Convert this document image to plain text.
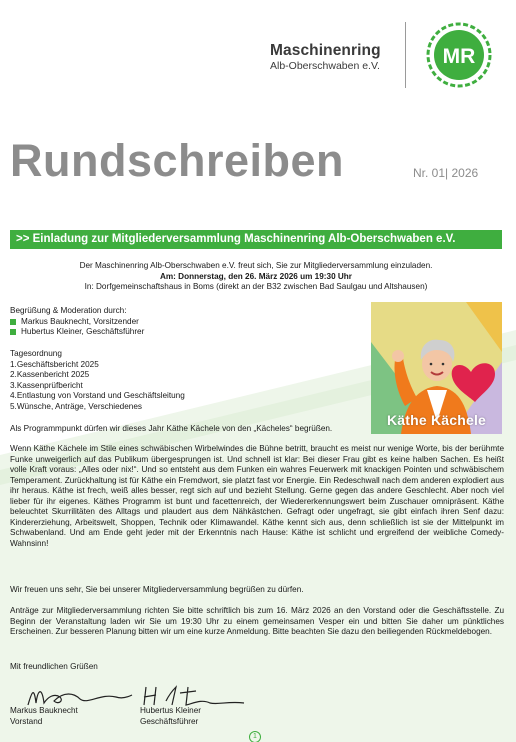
Maschinenring
Alb-Oberschwaben e.V.	MR
Rundschreiben	Nr. 01| 2026
>> Einladung zur Mitgliederversammlung Maschinenring Alb-Oberschwaben e.V.
Der Maschinenring Alb-Oberschwaben e.V. freut sich, Sie zur Mitgliederversammlung einzuladen.
Am: Donnerstag, den 26. März 2026 um 19:30 Uhr
In: Dorfgemeinschaftshaus in Boms (direkt an der B32 zwischen Bad Saulgau und Altshausen)
Begrüßung & Moderation durch:
Markus Bauknecht, Vorsitzender
Hubertus Kleiner, Geschäftsführer
Tagesordnung
1.Geschäftsbericht 2025
2.Kassenbericht 2025
3.Kassenprüfbericht
4.Entlastung von Vorstand und Geschäftsleitung
5.Wünsche, Anträge, Verschiedenes
Käthe Kächele
Als Programmpunkt dürfen wir dieses Jahr Käthe Kächele von den „Kächeles“ begrüßen.
Wenn Käthe Kächele im Stile eines schwäbischen Wirbelwindes die Bühne betritt, braucht es meist nur wenige Worte, bis der berühmte Funke unweigerlich auf das Publikum übergesprungen ist. Und schnell ist klar: Bei dieser Frau gibt es keine halben Sachen. Es heißt volle Kraft voraus: „Alles oder nix!“. Und so entsteht aus dem Funken ein wahres Feuerwerk mit knackigen Pointen und schwäbischem Temperament. Zurückhaltung ist für Käthe ein Fremdwort, sie platzt fast vor Energie. Ein Redeschwall nach dem anderen explodiert aus ihr heraus. Käthe ist frech, weiß alles besser, regt sich auf und bezieht Stellung. Gerne gegen das andere Geschlecht. Aber noch viel lieber für ihr eigenes. Käthes Programm ist bunt und facettenreich, der Wiedererkennungswert beim Zuschauer omnipräsent. Käthe beleuchtet Skurrilitäten des Alltags und plaudert aus dem Nähkästchen. Gefragt oder ungefragt, sie gibt einfach ihren Senf dazu: Kindererziehung, Arbeitswelt, Shoppen, Technik oder Klimawandel. Käthe kennt sich aus, denn schließlich ist sie der Mittelpunkt im Schwabenland. Und am Ende geht jeder mit der Erkenntnis nach Hause: Käthe ist schlicht und ergreifend der weibliche Comedy-Wahnsinn!
Wir freuen uns sehr, Sie bei unserer Mitgliederversammlung begrüßen zu dürfen.
Anträge zur Mitgliederversammlung richten Sie bitte schriftlich bis zum 16. März 2026 an den Vorstand oder die Geschäftsstelle. Zu Beginn der Veranstaltung laden wir Sie um 19:30 Uhr zu einem gemeinsamen Vesper ein und bitten Sie daher um pünktliches Erscheinen. Zur besseren Planung bitten wir um eine kurze Anmeldung. Bitte beachten Sie dazu den beiliegenden Rückmeldebogen.
Mit freundlichen Grüßen
Markus Bauknecht
Vorstand
Hubertus Kleiner
Geschäftsführer
1
